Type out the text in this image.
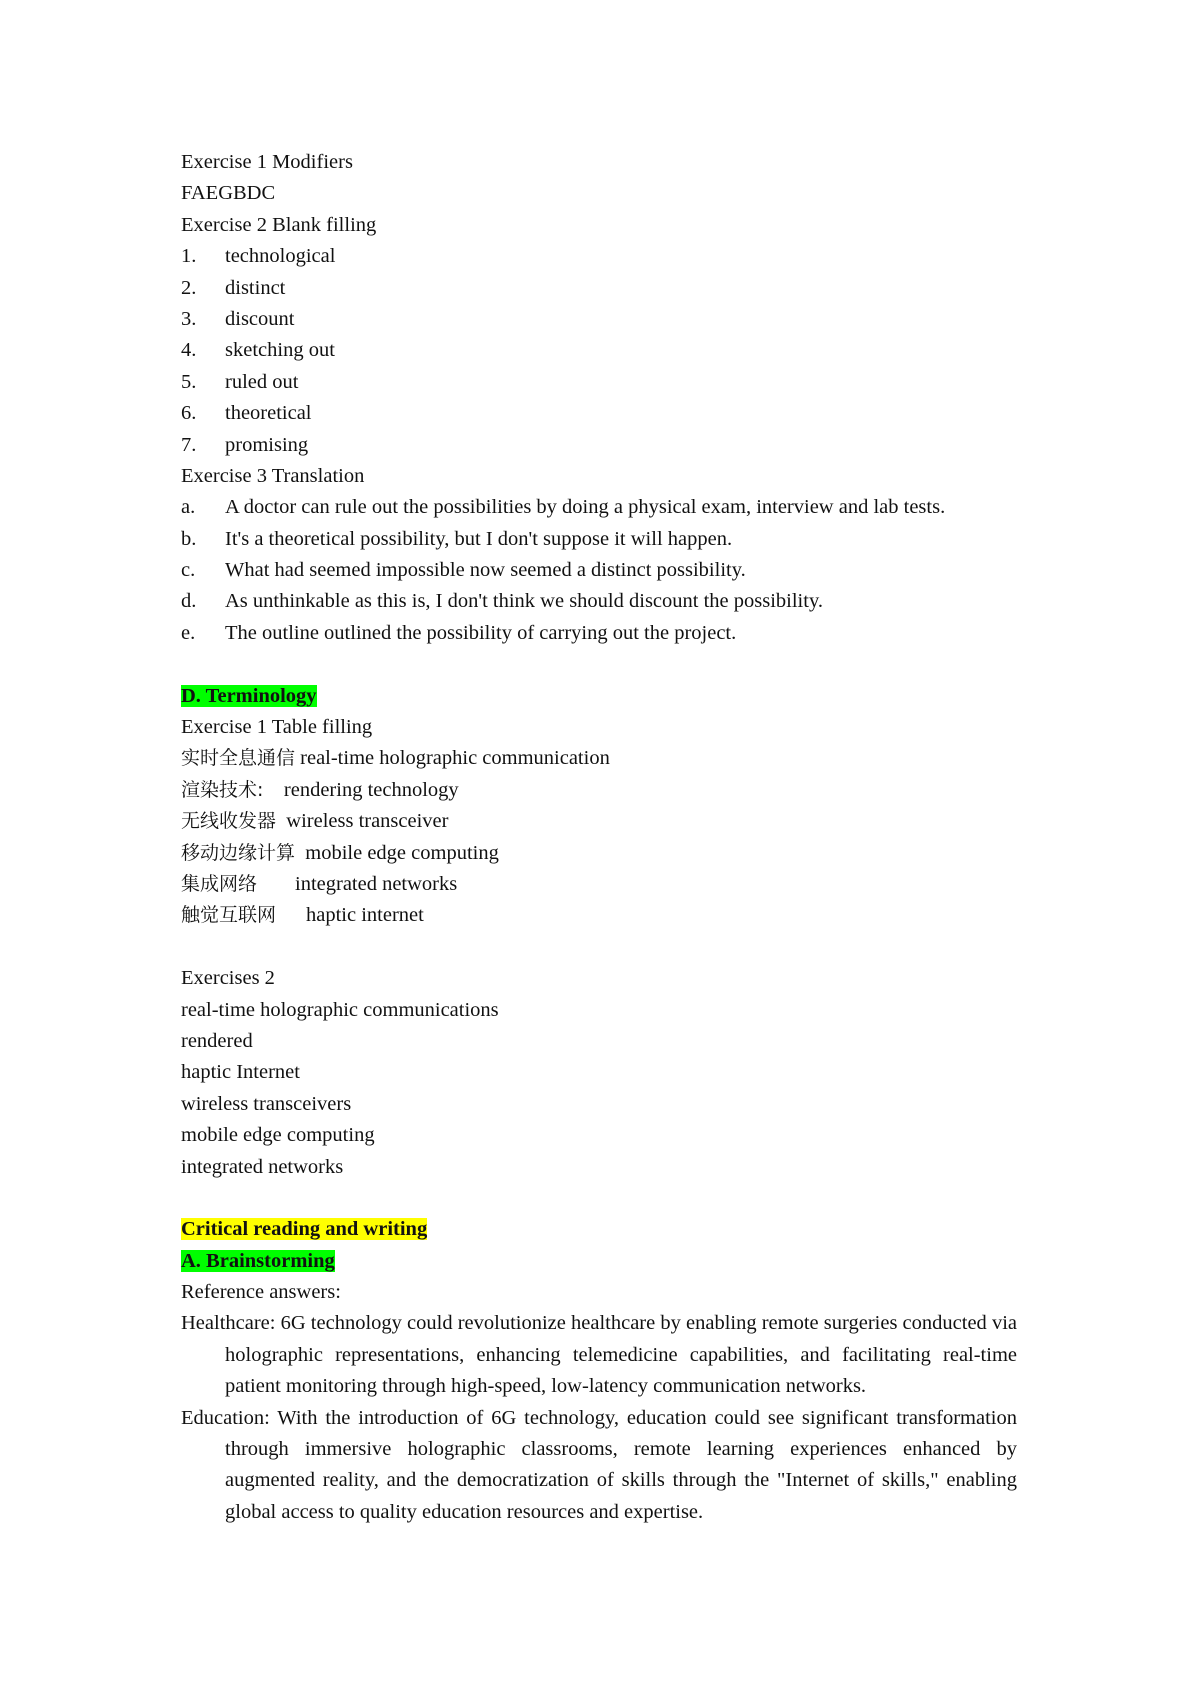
Exercise 1 Modifiers
FAEGBDC
Exercise 2 Blank filling
1. technological
2. distinct
3. discount
4. sketching out
5. ruled out
6. theoretical
7. promising
Exercise 3 Translation
a. A doctor can rule out the possibilities by doing a physical exam, interview and lab tests.
b. It's a theoretical possibility, but I don't suppose it will happen.
c. What had seemed impossible now seemed a distinct possibility.
d. As unthinkable as this is, I don't think we should discount the possibility.
e. The outline outlined the possibility of carrying out the project.
D. Terminology
Exercise 1 Table filling
实时全息通信 real-time holographic communication
渲染技术: rendering technology
无线收发器 wireless transceiver
移动边缘计算 mobile edge computing
集成网络 integrated networks
触觉互联网 haptic internet
Exercises 2
real-time holographic communications
rendered
haptic Internet
wireless transceivers
mobile edge computing
integrated networks
Critical reading and writing
A. Brainstorming
Reference answers:
Healthcare: 6G technology could revolutionize healthcare by enabling remote surgeries conducted via holographic representations, enhancing telemedicine capabilities, and facilitating real-time patient monitoring through high-speed, low-latency communication networks.
Education: With the introduction of 6G technology, education could see significant transformation through immersive holographic classrooms, remote learning experiences enhanced by augmented reality, and the democratization of skills through the "Internet of skills," enabling global access to quality education resources and expertise.
